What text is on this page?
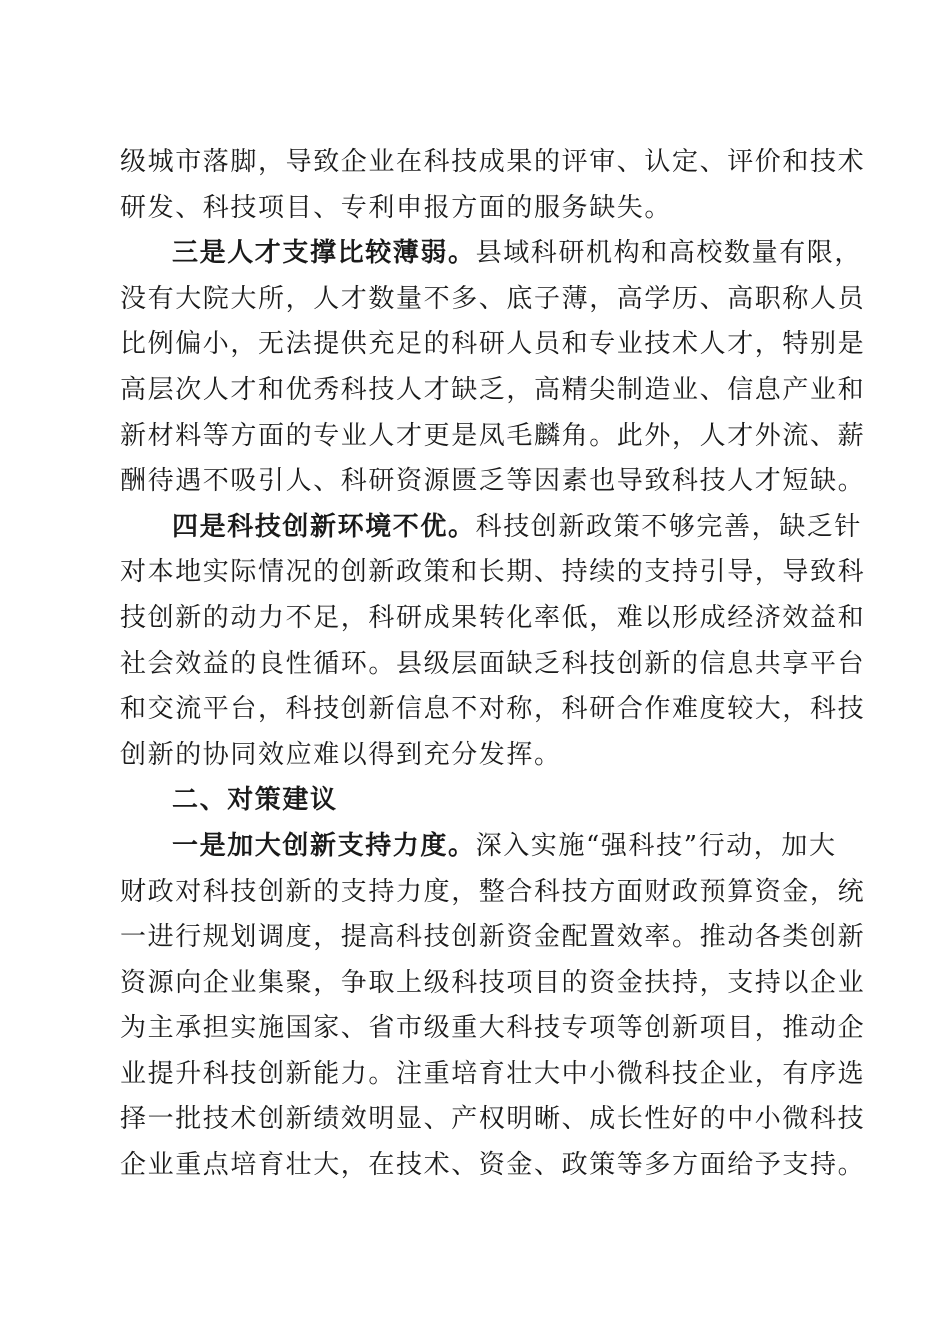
级城市落脚，导致企业在科技成果的评审、认定、评价和技术
研发、科技项目、专利申报方面的服务缺失。
三是人才支撑比较薄弱。县域科研机构和高校数量有限，
没有大院大所，人才数量不多、底子薄，高学历、高职称人员
比例偏小，无法提供充足的科研人员和专业技术人才，特别是
高层次人才和优秀科技人才缺乏，高精尖制造业、信息产业和
新材料等方面的专业人才更是凤毛麟角。此外，人才外流、薪
酬待遇不吸引人、科研资源匮乏等因素也导致科技人才短缺。
四是科技创新环境不优。科技创新政策不够完善，缺乏针
对本地实际情况的创新政策和长期、持续的支持引导，导致科
技创新的动力不足，科研成果转化率低，难以形成经济效益和
社会效益的良性循环。县级层面缺乏科技创新的信息共享平台
和交流平台，科技创新信息不对称，科研合作难度较大，科技
创新的协同效应难以得到充分发挥。
二、对策建议
一是加大创新支持力度。深入实施“强科技”行动，加大
财政对科技创新的支持力度，整合科技方面财政预算资金，统
一进行规划调度，提高科技创新资金配置效率。推动各类创新
资源向企业集聚，争取上级科技项目的资金扶持，支持以企业
为主承担实施国家、省市级重大科技专项等创新项目，推动企
业提升科技创新能力。注重培育壮大中小微科技企业，有序选
择一批技术创新绩效明显、产权明晰、成长性好的中小微科技
企业重点培育壮大，在技术、资金、政策等多方面给予支持。
